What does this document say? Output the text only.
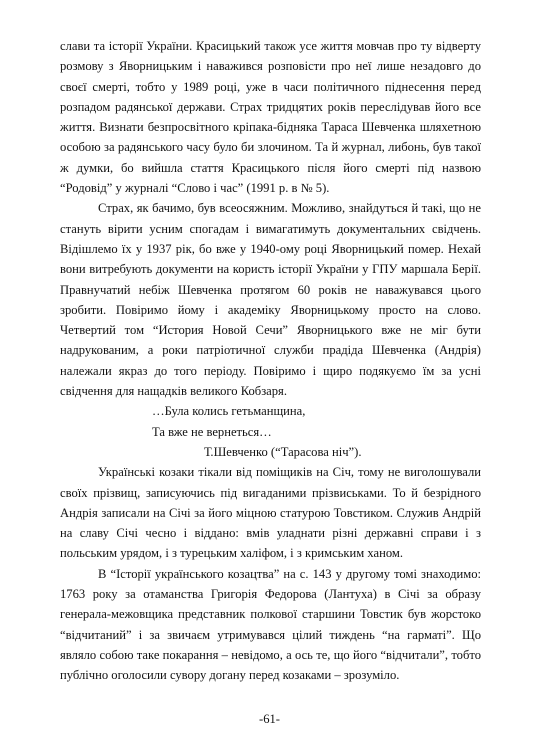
слави та історії України. Красицький також усе життя мовчав про ту відверту розмову з Яворницьким і наважився розповісти про неї лише незадовго до своєї смерті, тобто у 1989 році, уже в часи політичного піднесення перед розпадом радянської держави. Страх тридцятих років переслідував його все життя. Визнати безпросвітного кріпака-бідняка Тараса Шевченка шляхетною особою за радянського часу було би злочином. Та й журнал, либонь, був такої ж думки, бо вийшла стаття Красицького після його смерті під назвою “Родовід” у журналі “Слово і час” (1991 р. в № 5).

Страх, як бачимо, був всеосяжним. Можливо, знайдуться й такі, що не стануть вірити усним спогадам і вимагатимуть документальних свідчень. Відішлемо їх у 1937 рік, бо вже у 1940-ому році Яворницький помер. Нехай вони витребують документи на користь історії України у ГПУ маршала Берії. Правнучатий небіж Шевченка протягом 60 років не наважувався цього зробити. Повіримо йому і академіку Яворницькому просто на слово. Четвертий том “История Новой Сечи” Яворницького вже не міг бути надрукованим, а роки патріотичної служби прадіда Шевченка (Андрія) належали якраз до того періоду. Повіримо і щиро подякуємо їм за усні свідчення для нащадків великого Кобзаря.

…Була колись гетьманщина,

Та вже не вернеться…

Т.Шевченко (“Тарасова ніч”).

Українські козаки тікали від поміщиків на Січ, тому не виголошували своїх прізвищ, записуючись під вигаданими прізвиськами. То й безрідного Андрія записали на Січі за його міцною статурою Товстиком. Служив Андрій на славу Січі чесно і віддано: вмів уладнати різні державні справи і з польським урядом, і з турецьким халіфом, і з кримським ханом.

В “Історії українського козацтва” на с. 143 у другому томі знаходимо: 1763 року за отаманства Григорія Федорова (Лантуха) в Січі за образу генерала-межовщика представник полкової старшини Товстик був жорстоко “відчитаний” і за звичаєм утримувався цілий тиждень “на гарматі”. Що являло собою таке покарання – невідомо, а ось те, що його “відчитали”, тобто публічно оголосили сувору догану перед козаками – зрозуміло.

-61-
